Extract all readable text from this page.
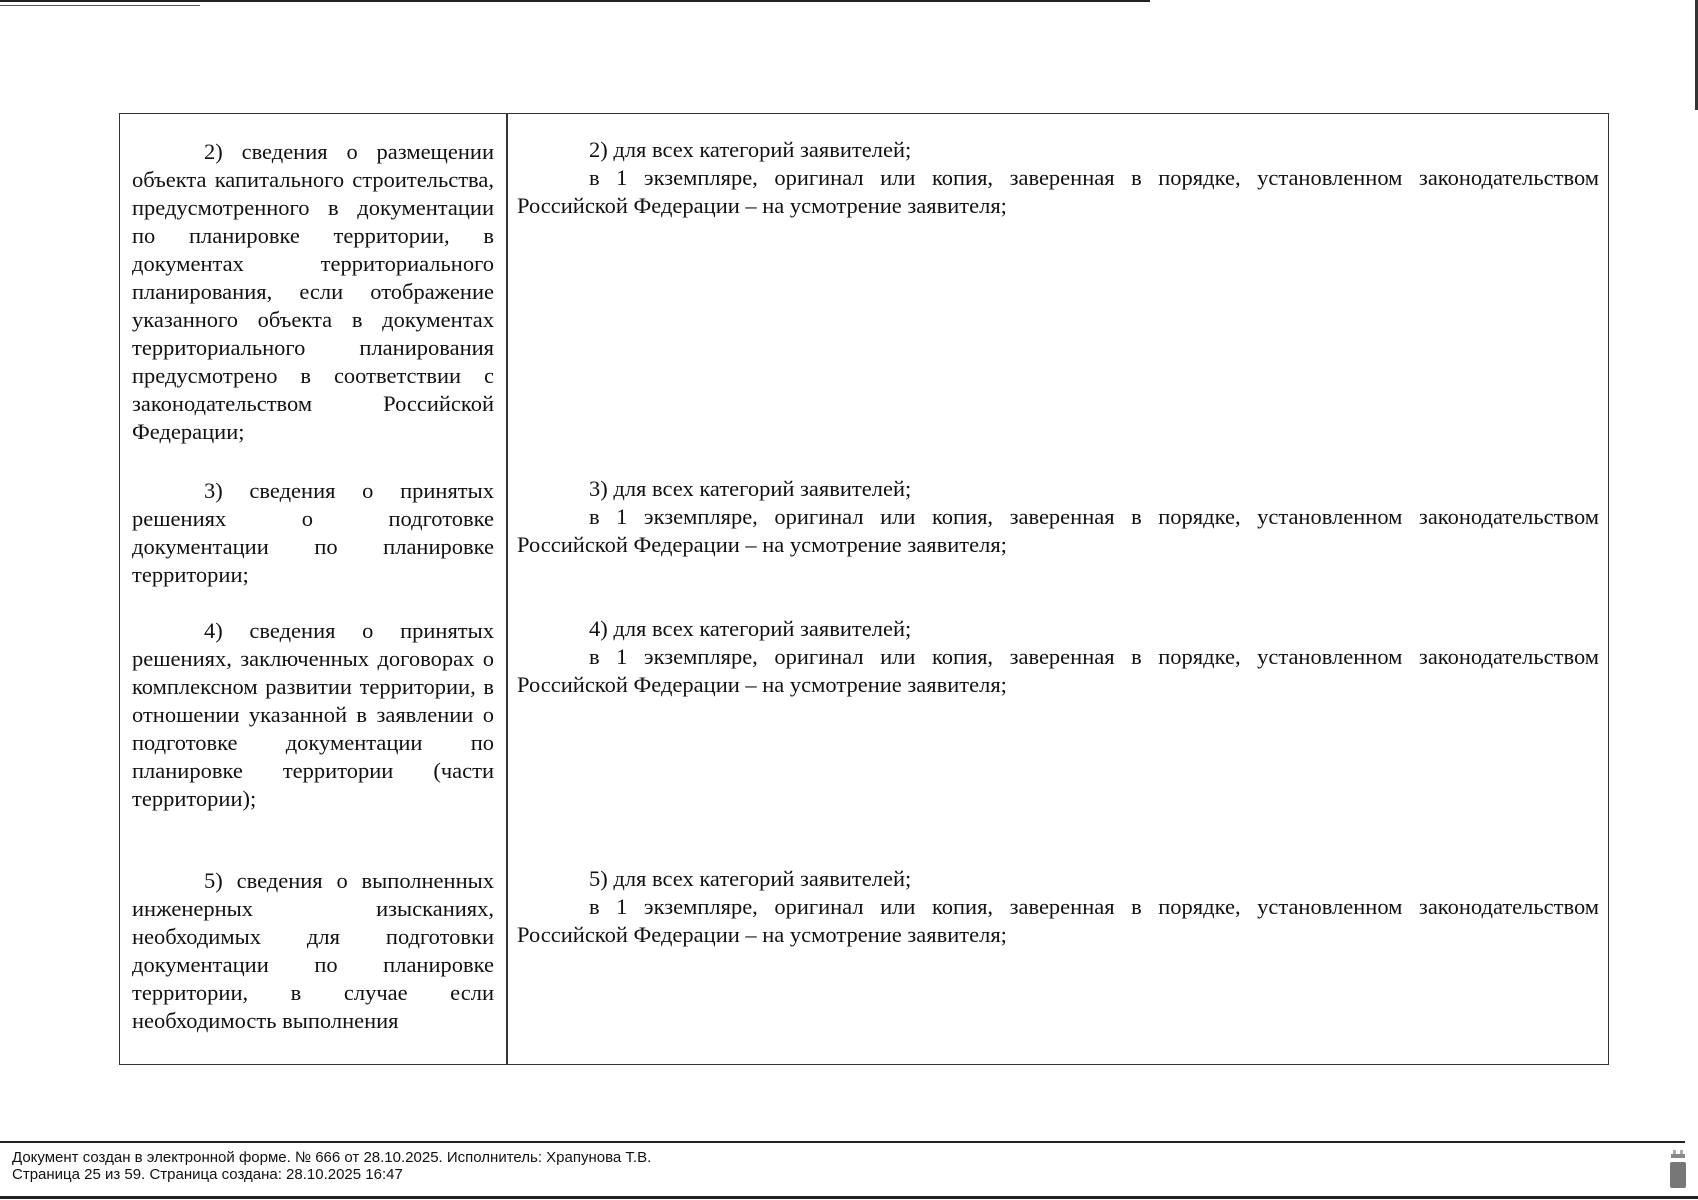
2) сведения о размещении объекта капитального строительства, предусмотренного в документации по планировке территории, в документах территориального планирования, если отображение указанного объекта в документах территориального планирования предусмотрено в соответствии с законодательством Российской Федерации;
2) для всех категорий заявителей;
в 1 экземпляре, оригинал или копия, заверенная в порядке, установленном законодательством Российской Федерации – на усмотрение заявителя;
3) сведения о принятых решениях о подготовке документации по планировке территории;
3) для всех категорий заявителей;
в 1 экземпляре, оригинал или копия, заверенная в порядке, установленном законодательством Российской Федерации – на усмотрение заявителя;
4) сведения о принятых решениях, заключенных договорах о комплексном развитии территории, в отношении указанной в заявлении о подготовке документации по планировке территории (части территории);
4) для всех категорий заявителей;
в 1 экземпляре, оригинал или копия, заверенная в порядке, установленном законодательством Российской Федерации – на усмотрение заявителя;
5) сведения о выполненных инженерных изысканиях, необходимых для подготовки документации по планировке территории, в случае если необходимость выполнения
5) для всех категорий заявителей;
в 1 экземпляре, оригинал или копия, заверенная в порядке, установленном законодательством Российской Федерации – на усмотрение заявителя;
Документ создан в электронной форме. № 666 от 28.10.2025. Исполнитель: Храпунова Т.В.
Страница 25 из 59. Страница создана: 28.10.2025 16:47
